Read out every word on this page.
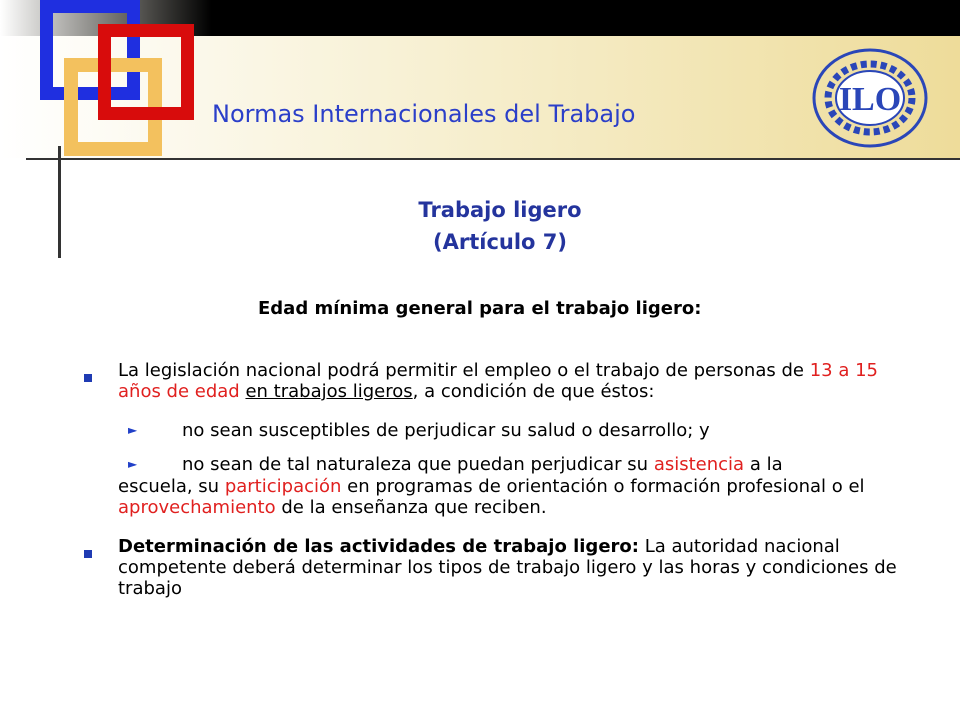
Normas Internacionales del Trabajo	ILO
Trabajo ligero
(Artículo 7)
Edad mínima general para el trabajo ligero:

La legislación nacional podrá permitir el empleo o el trabajo de personas de 13 a 15 años de edad en trabajos ligeros, a condición de que éstos:

► no sean susceptibles de perjudicar su salud o desarrollo; y
► no sean de tal naturaleza que puedan perjudicar su asistencia a la
escuela, su participación en programas de orientación o formación profesional o el aprovechamiento de la enseñanza que reciben.

Determinación de las actividades de trabajo ligero: La autoridad nacional competente deberá determinar los tipos de trabajo ligero y las horas y condiciones de trabajo
